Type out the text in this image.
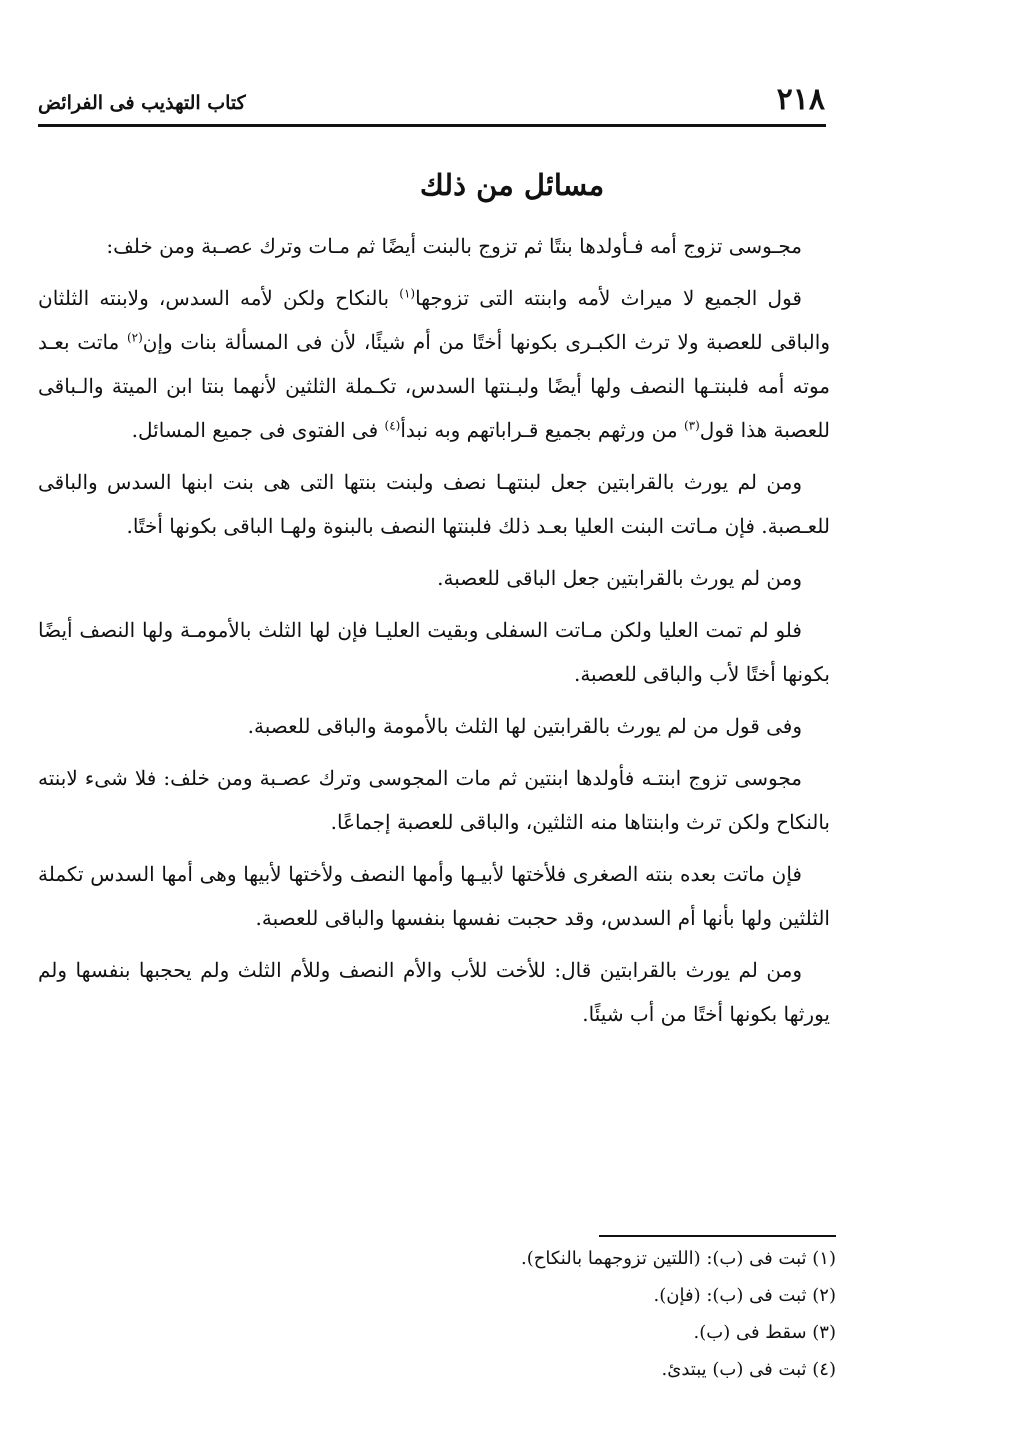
٢١٨
كتاب التهذيب فى الفرائض
مسائل من ذلك

مجـوسى تزوج أمه فـأولدها بنتًا ثم تزوج بالبنت أيضًا ثم مـات وترك عصـبة ومن خلف:

قول الجميع لا ميراث لأمه وابنته التى تزوجها$^{(١)}$ بالنكاح ولكن لأمه السدس، ولابنته الثلثان والباقى للعصبة ولا ترث الكبـرى بكونها أختًا من أم شيئًا، لأن فى المسألة بنات وإن$^{(٢)}$ ماتت بعـد موته أمه فلبنتـها النصف ولها أيضًا ولبـنتها السدس، تكـملة الثلثين لأنهما بنتا ابن الميتة والـباقى للعصبة هذا قول$^{(٣)}$ من ورثهم بجميع قـراباتهم وبه نبدأ$^{(٤)}$ فى الفتوى فى جميع المسائل.

ومن لم يورث بالقرابتين جعل لبنتهـا نصف ولبنت بنتها التى هى بنت ابنها السدس والباقى للعـصبة. فإن مـاتت البنت العليا بعـد ذلك فلبنتها النصف بالبنوة ولهـا الباقى بكونها أختًا.

ومن لم يورث بالقرابتين جعل الباقى للعصبة.

فلو لم تمت العليا ولكن مـاتت السفلى وبقيت العليـا فإن لها الثلث بالأمومـة ولها النصف أيضًا بكونها أختًا لأب والباقى للعصبة.

وفى قول من لم يورث بالقرابتين لها الثلث بالأمومة والباقى للعصبة.

مجوسى تزوج ابنتـه فأولدها ابنتين ثم مات المجوسى وترك عصـبة ومن خلف: فلا شىء لابنته بالنكاح ولكن ترث وابنتاها منه الثلثين، والباقى للعصبة إجماعًا.

فإن ماتت بعده بنته الصغرى فلأختها لأبيـها وأمها النصف ولأختها لأبيها وهى أمها السدس تكملة الثلثين ولها بأنها أم السدس، وقد حجبت نفسها بنفسها والباقى للعصبة.

ومن لم يورث بالقرابتين قال: للأخت للأب والأم النصف وللأم الثلث ولم يحجبها بنفسها ولم يورثها بكونها أختًا من أب شيئًا.

(١) ثبت فى (ب): (اللتين تزوجهما بالنكاح).
(٢) ثبت فى (ب): (فإن).
(٣) سقط فى (ب).
(٤) ثبت فى (ب) يبتدئ.
